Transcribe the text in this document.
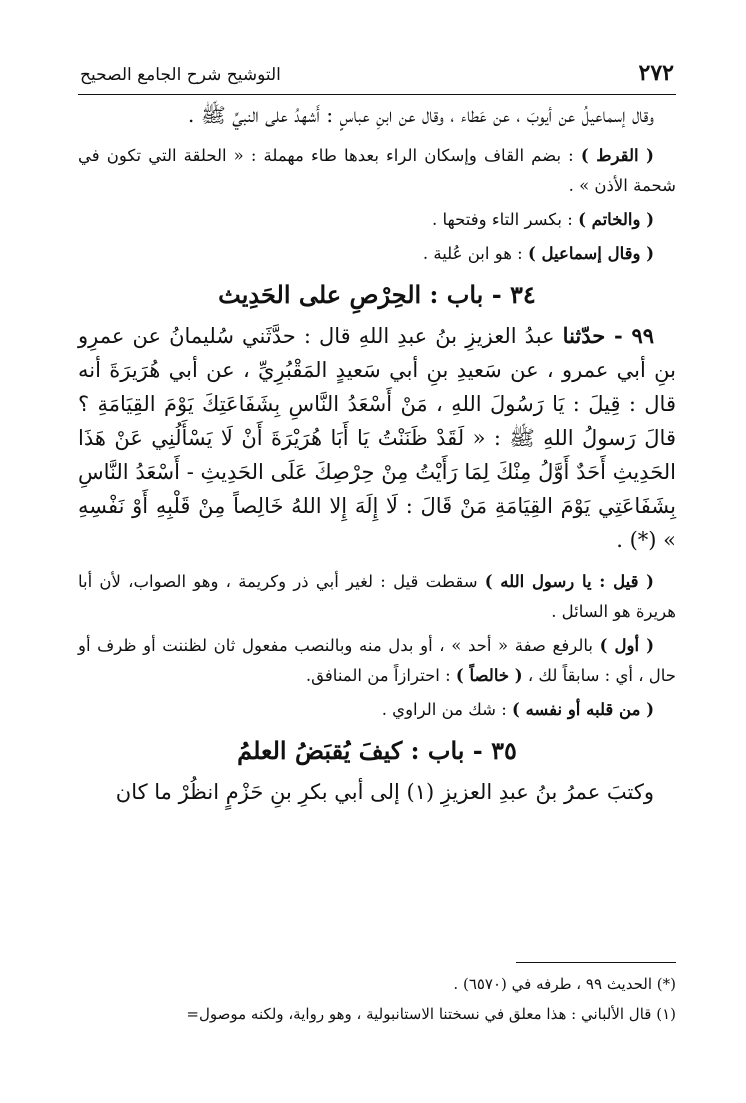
٢٧٢
التوشيح شرح الجامع الصحيح

وقال إسماعيلُ عن أيوبَ ، عن عَطاء ، وقال عن ابنِ عباسٍ : أَشهدُ على النبيِّ ﷺ .

( القرط ) : بضم القاف وإسكان الراء بعدها طاء مهملة : « الحلقة التي تكون في شحمة الأذن » .

( والخاتم ) : بكسر التاء وفتحها .

( وقال إسماعيل ) : هو ابن عُلية .

٣٤ - باب : الحِرْصِ على الحَدِيث

٩٩ - حدّثنا عبدُ العزيزِ بنُ عبدِ اللهِ قال : حدَّثَني سُليمانُ عن عمرِو بنِ أبي عمرو ، عن سَعيدِ بنِ أبي سَعيدٍ المَقْبُرِيِّ ، عن أبي هُرَيرَةَ أنه قال : قِيلَ : يَا رَسُولَ اللهِ ، مَنْ أَسْعَدُ النَّاسِ بِشَفَاعَتِكَ يَوْمَ القِيَامَةِ ؟ قالَ رَسولُ اللهِ ﷺ : « لَقَدْ ظَنَنْتُ يَا أَبَا هُرَيْرَةَ أَنْ لَا يَسْأَلُنِي عَنْ هَذَا الحَدِيثِ أَحَدٌ أَوَّلُ مِنْكَ لِمَا رَأَيْتُ مِنْ حِرْصِكَ عَلَى الحَدِيثِ - أَسْعَدُ النَّاسِ بِشَفَاعَتِي يَوْمَ القِيَامَةِ مَنْ قَالَ : لَا إِلَهَ إِلا اللهُ خَالِصاً مِنْ قَلْبِهِ أَوْ نَفْسِهِ » (*) .

( قيل : يا رسول الله ) سقطت قيل : لغير أبي ذر وكريمة ، وهو الصواب، لأن أبا هريرة هو السائل .

( أول ) بالرفع صفة « أحد » ، أو بدل منه وبالنصب مفعول ثان لظننت أو ظرف أو حال ، أي : سابقاً لك ، ( خالصاً ) : احترازاً من المنافق.

( من قلبه أو نفسه ) : شك من الراوي .

٣٥ - باب : كيفَ يُقبَضُ العلمُ

وكتبَ عمرُ بنُ عبدِ العزيزِ (١) إلى أبي بكرِ بنِ حَزْمٍ انظُرْ ما كان

(*) الحديث ٩٩ ، طرفه في (٦٥٧٠) .

(١) قال الألباني : هذا معلق في نسختنا الاستانبولية ، وهو رواية، ولكنه موصول=
